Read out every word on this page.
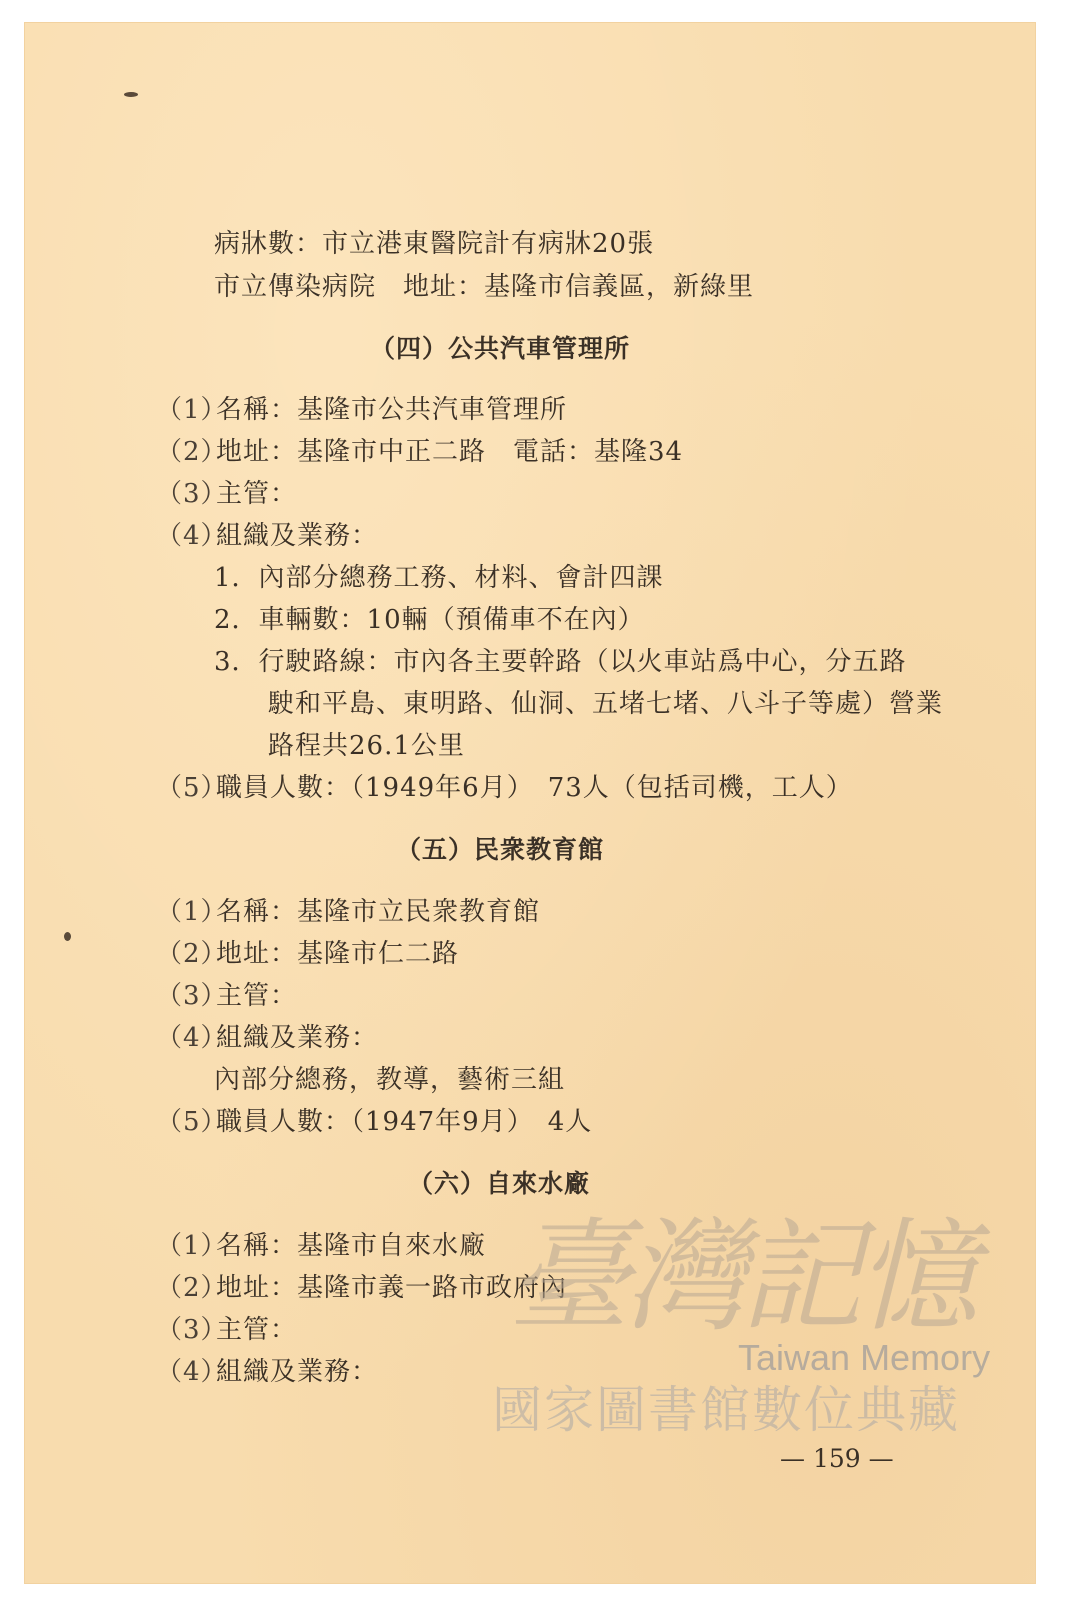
病牀數：市立港東醫院計有病牀20張
市立傳染病院　地址：基隆市信義區，新綠里
（四）公共汽車管理所
（1）名稱：基隆市公共汽車管理所
（2）地址：基隆市中正二路　電話：基隆34
（3）主管：
（4）組織及業務：
1．內部分總務工務、材料、會計四課
2．車輛數：10輛（預備車不在內）
3．行駛路線：市內各主要幹路（以火車站爲中心，分五路
駛和平島、東明路、仙洞、五堵七堵、八斗子等處）營業
路程共26.1公里
（5）職員人數：（1949年6月）　73人（包括司機，工人）
（五）民衆教育館
（1）名稱：基隆市立民衆教育館
（2）地址：基隆市仁二路
（3）主管：
（4）組織及業務：
內部分總務，教導，藝術三組
（5）職員人數：（1947年9月）　4人
（六）自來水廠
（1）名稱：基隆市自來水廠
（2）地址：基隆市義一路市政府內
（3）主管：
（4）組織及業務：
臺灣記憶
Taiwan Memory
國家圖書館數位典藏
— 159 —
